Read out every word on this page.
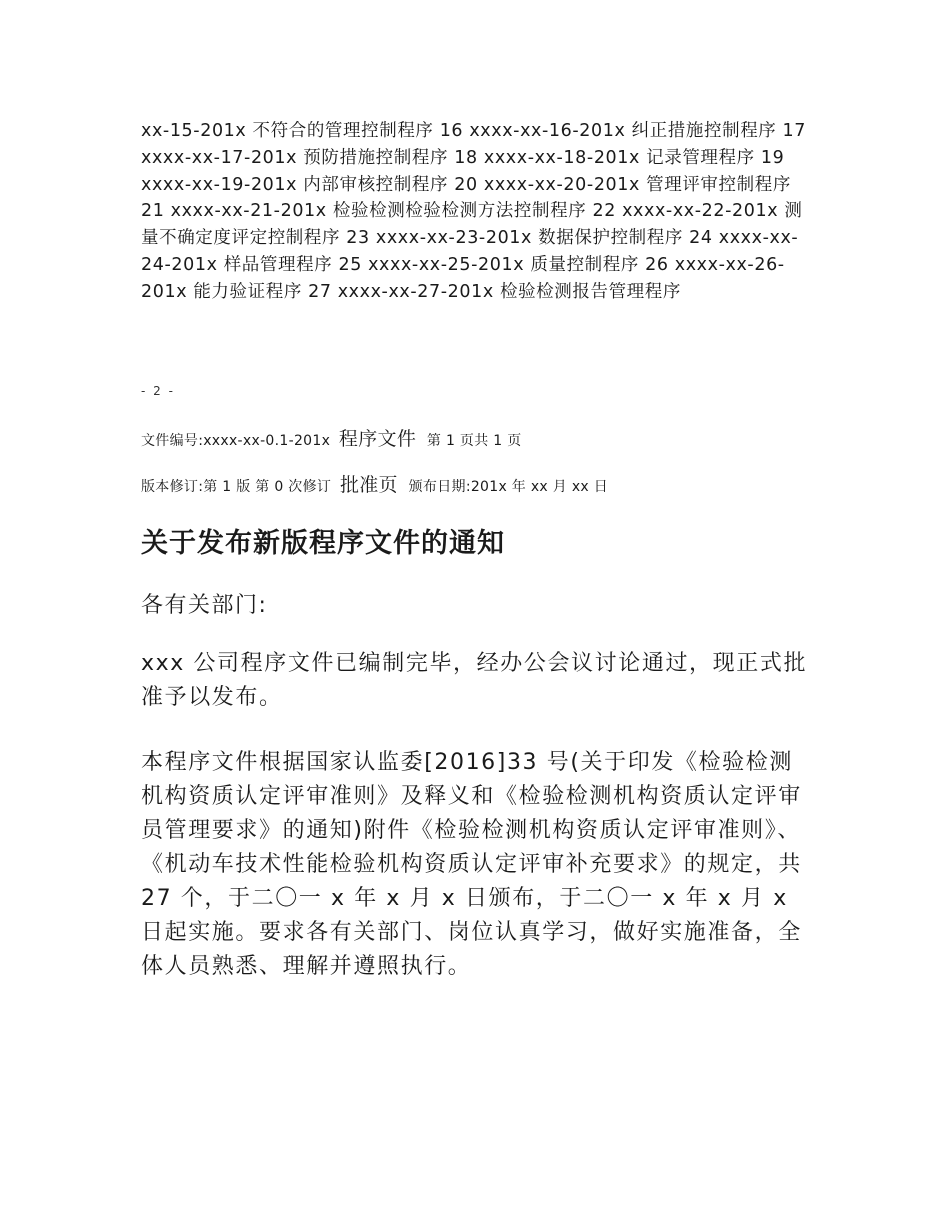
xx-15-201x 不符合的管理控制程序 16 xxxx-xx-16-201x 纠正措施控制程序 17 xxxx-xx-17-201x 预防措施控制程序 18 xxxx-xx-18-201x 记录管理程序 19 xxxx-xx-19-201x 内部审核控制程序 20 xxxx-xx-20-201x 管理评审控制程序 21 xxxx-xx-21-201x 检验检测检验检测方法控制程序 22 xxxx-xx-22-201x 测量不确定度评定控制程序 23 xxxx-xx-23-201x 数据保护控制程序 24 xxxx-xx-24-201x 样品管理程序 25 xxxx-xx-25-201x 质量控制程序 26 xxxx-xx-26-201x 能力验证程序 27 xxxx-xx-27-201x 检验检测报告管理程序

- 2 -
文件编号:xxxx-xx-0.1-201x 程序文件 第 1 页共 1 页
版本修订:第 1 版 第 0 次修订 批准页 颁布日期:201x 年 xx 月 xx 日
关于发布新版程序文件的通知

各有关部门:

xxx 公司程序文件已编制完毕，经办公会议讨论通过，现正式批准予以发布。

本程序文件根据国家认监委[2016]33 号(关于印发《检验检测机构资质认定评审准则》及释义和《检验检测机构资质认定评审员管理要求》的通知)附件《检验检测机构资质认定评审准则》、《机动车技术性能检验机构资质认定评审补充要求》的规定，共 27 个，于二〇一 x 年 x 月 x 日颁布，于二〇一 x 年 x 月 x 日起实施。要求各有关部门、岗位认真学习，做好实施准备，全体人员熟悉、理解并遵照执行。
